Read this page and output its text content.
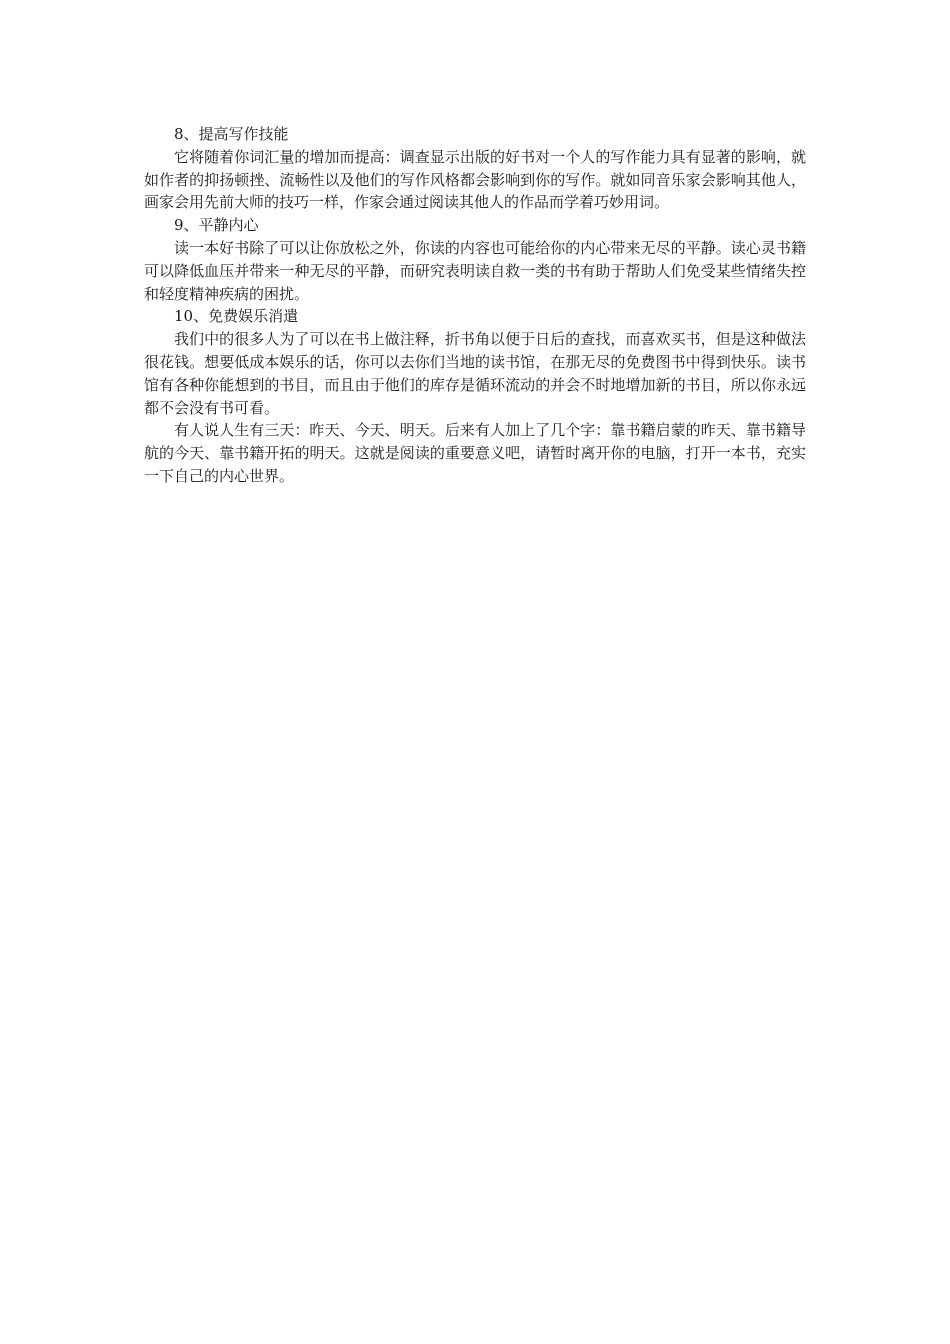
8、提高写作技能

它将随着你词汇量的增加而提高：调查显示出版的好书对一个人的写作能力具有显著的影响，就如作者的抑扬顿挫、流畅性以及他们的写作风格都会影响到你的写作。就如同音乐家会影响其他人，画家会用先前大师的技巧一样，作家会通过阅读其他人的作品而学着巧妙用词。

9、平静内心

读一本好书除了可以让你放松之外，你读的内容也可能给你的内心带来无尽的平静。读心灵书籍可以降低血压并带来一种无尽的平静，而研究表明读自救一类的书有助于帮助人们免受某些情绪失控和轻度精神疾病的困扰。

10、免费娱乐消遣

我们中的很多人为了可以在书上做注释，折书角以便于日后的查找，而喜欢买书，但是这种做法很花钱。想要低成本娱乐的话，你可以去你们当地的读书馆，在那无尽的免费图书中得到快乐。读书馆有各种你能想到的书目，而且由于他们的库存是循环流动的并会不时地增加新的书目，所以你永远都不会没有书可看。

有人说人生有三天：昨天、今天、明天。后来有人加上了几个字：靠书籍启蒙的昨天、靠书籍导航的今天、靠书籍开拓的明天。这就是阅读的重要意义吧，请暂时离开你的电脑，打开一本书，充实一下自己的内心世界。
